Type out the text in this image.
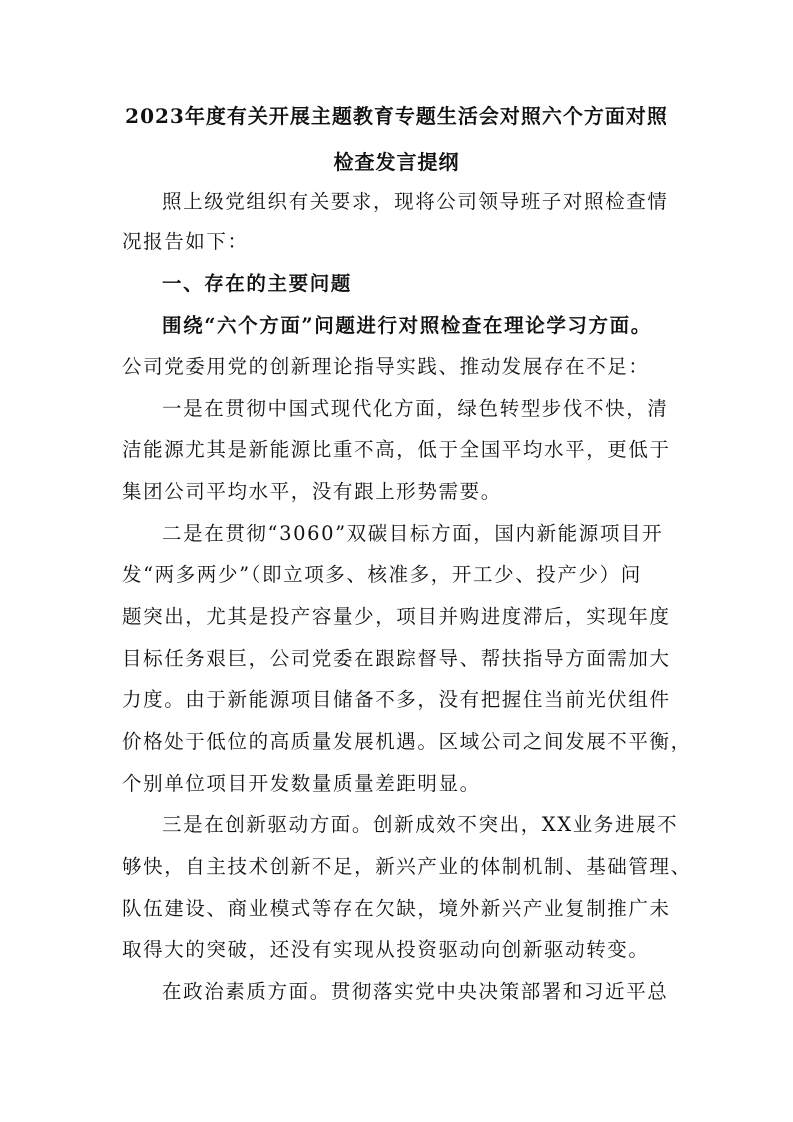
2023年度有关开展主题教育专题生活会对照六个方面对照
检查发言提纲
照上级党组织有关要求，现将公司领导班子对照检查情
况报告如下：
一、存在的主要问题
围绕“六个方面”问题进行对照检查在理论学习方面。
公司党委用党的创新理论指导实践、推动发展存在不足：
一是在贯彻中国式现代化方面，绿色转型步伐不快，清
洁能源尤其是新能源比重不高，低于全国平均水平，更低于
集团公司平均水平，没有跟上形势需要。
二是在贯彻“3060”双碳目标方面，国内新能源项目开
发“两多两少”（即立项多、核准多，开工少、投产少）问
题突出，尤其是投产容量少，项目并购进度滞后，实现年度
目标任务艰巨，公司党委在跟踪督导、帮扶指导方面需加大
力度。由于新能源项目储备不多，没有把握住当前光伏组件
价格处于低位的高质量发展机遇。区域公司之间发展不平衡，
个别单位项目开发数量质量差距明显。
三是在创新驱动方面。创新成效不突出，XX业务进展不
够快，自主技术创新不足，新兴产业的体制机制、基础管理、
队伍建设、商业模式等存在欠缺，境外新兴产业复制推广未
取得大的突破，还没有实现从投资驱动向创新驱动转变。
在政治素质方面。贯彻落实党中央决策部署和习近平总
